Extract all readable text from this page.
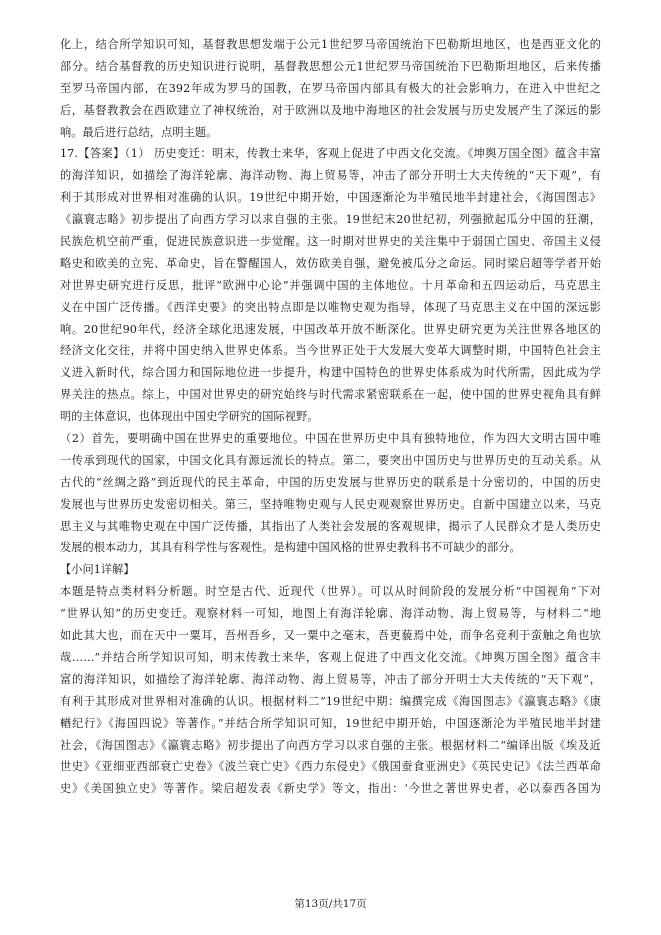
化上，结合所学知识可知，基督教思想发端于公元1世纪罗马帝国统治下巴勒斯坦地区，也是西亚文化的
部分。结合基督教的历史知识进行说明，基督教思想公元1世纪罗马帝国统治下巴勒斯坦地区，后来传播
至罗马帝国内部，在392年成为罗马的国教，在罗马帝国内部具有极大的社会影响力，在进入中世纪之
后，基督教教会在西欧建立了神权统治，对于欧洲以及地中海地区的社会发展与历史发展产生了深远的影
响。最后进行总结，点明主题。
17.【答案】（1） 历史变迁：明末，传教士来华，客观上促进了中西文化交流。《坤舆万国全图》蕴含丰富
的海洋知识，如描绘了海洋轮廓、海洋动物、海上贸易等，冲击了部分开明士大夫传统的“天下观”，有
利于其形成对世界相对准确的认识。19世纪中期开始，中国逐渐沦为半殖民地半封建社会，《海国图志》
《瀛寰志略》初步提出了向西方学习以求自强的主张。19世纪末20世纪初，列强掀起瓜分中国的狂潮，
民族危机空前严重，促进民族意识进一步觉醒。这一时期对世界史的关注集中于弱国亡国史、帝国主义侵
略史和欧美的立宪、革命史，旨在警醒国人，效仿欧美自强，避免被瓜分之命运。同时梁启超等学者开始
对世界史研究进行反思，批评“欧洲中心论”并强调中国的主体地位。十月革命和五四运动后，马克思主
义在中国广泛传播。《西洋史要》的突出特点即是以唯物史观为指导，体现了马克思主义在中国的深远影
响。20世纪90年代，经济全球化迅速发展，中国改革开放不断深化。世界史研究更为关注世界各地区的
经济文化交往，并将中国史纳入世界史体系。当今世界正处于大发展大变革大调整时期，中国特色社会主
义进入新时代，综合国力和国际地位进一步提升，构建中国特色的世界史体系成为时代所需，因此成为学
界关注的热点。综上，中国对世界史的研究始终与时代需求紧密联系在一起，使中国的世界史视角具有鲜
明的主体意识，也体现出中国史学研究的国际视野。
（2）首先，要明确中国在世界史的重要地位。中国在世界历史中具有独特地位，作为四大文明古国中唯
一传承到现代的国家，中国文化具有源远流长的特点。第二，要突出中国历史与世界历史的互动关系。从
古代的“丝绸之路”到近现代的民主革命，中国的历史发展与世界历史的联系是十分密切的，中国的历史
发展也与世界历史发密切相关。第三，坚持唯物史观与人民史观观察世界历史。自新中国建立以来，马克
思主义与其唯物史观在中国广泛传播，其指出了人类社会发展的客观规律，揭示了人民群众才是人类历史
发展的根本动力，其具有科学性与客观性。是构建中国风格的世界史教科书不可缺少的部分。
【小问1详解】
本题是特点类材料分析题。时空是古代、近现代（世界）。可以从时间阶段的发展分析“中国视角”下对
“世界认知”的历史变迁。观察材料一可知，地图上有海洋轮廓、海洋动物、海上贸易等，与材料二“地
如此其大也，而在天中一粟耳，吾州吾乡，又一粟中之毫末，吾更藐焉中处，而争名竞利于蛮触之角也欤
哉……”并结合所学知识可知，明末传教士来华，客观上促进了中西文化交流。《坤舆万国全图》蕴含丰
富的海洋知识，如描绘了海洋轮廓、海洋动物、海上贸易等，冲击了部分开明士大夫传统的“天下观”，
有利于其形成对世界相对准确的认识。根据材料二“19世纪中期：编撰完成《海国图志》《瀛寰志略》《康
輶纪行》《海国四说》等著作。”并结合所学知识可知，19世纪中期开始，中国逐渐沦为半殖民地半封建
社会，《海国图志》《瀛寰志略》初步提出了向西方学习以求自强的主张。根据材料二“编译出版《埃及近
世史》《亚细亚西部衰亡史卷》《波兰衰亡史》《西力东侵史》《俄国蚕食亚洲史》《英民史记》《法兰西革命
史》《美国独立史》等著作。梁启超发表《新史学》等文，指出：‘今世之著世界史者，必以泰西各国为
第13页/共17页
